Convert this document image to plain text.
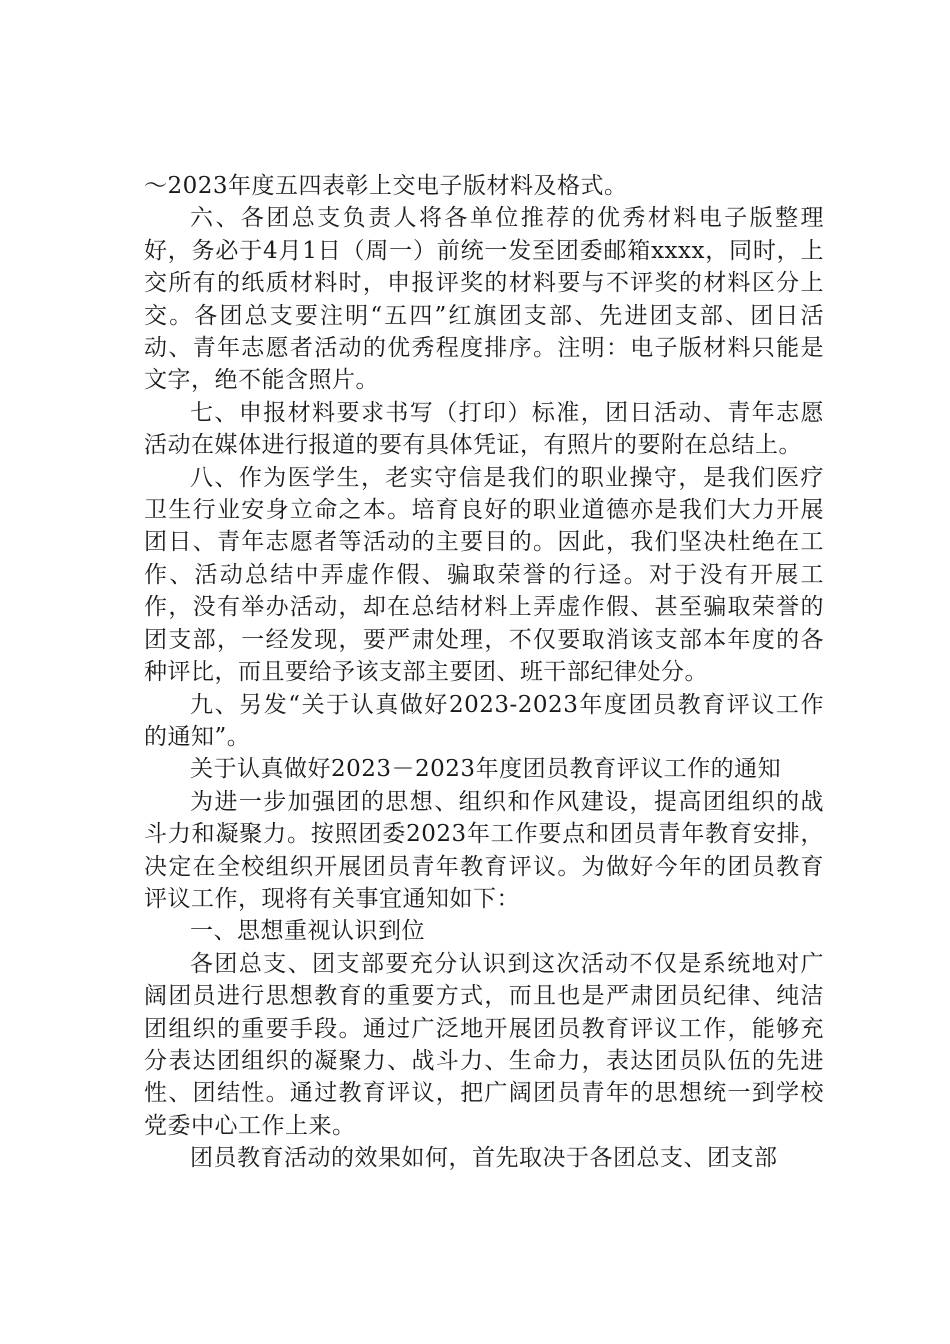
～2023年度五四表彰上交电子版材料及格式。

六、各团总支负责人将各单位推荐的优秀材料电子版整理好，务必于4月1日（周一）前统一发至团委邮箱xxxx，同时，上交所有的纸质材料时，申报评奖的材料要与不评奖的材料区分上交。各团总支要注明“五四”红旗团支部、先进团支部、团日活动、青年志愿者活动的优秀程度排序。注明：电子版材料只能是文字，绝不能含照片。

七、申报材料要求书写（打印）标准，团日活动、青年志愿活动在媒体进行报道的要有具体凭证，有照片的要附在总结上。

八、作为医学生，老实守信是我们的职业操守，是我们医疗卫生行业安身立命之本。培育良好的职业道德亦是我们大力开展团日、青年志愿者等活动的主要目的。因此，我们坚决杜绝在工作、活动总结中弄虚作假、骗取荣誉的行迳。对于没有开展工作，没有举办活动，却在总结材料上弄虚作假、甚至骗取荣誉的团支部，一经发现，要严肃处理，不仅要取消该支部本年度的各种评比，而且要给予该支部主要团、班干部纪律处分。

九、另发“关于认真做好2023-2023年度团员教育评议工作的通知”。

关于认真做好2023－2023年度团员教育评议工作的通知

为进一步加强团的思想、组织和作风建设，提高团组织的战斗力和凝聚力。按照团委2023年工作要点和团员青年教育安排，决定在全校组织开展团员青年教育评议。为做好今年的团员教育评议工作，现将有关事宜通知如下：

一、思想重视认识到位

各团总支、团支部要充分认识到这次活动不仅是系统地对广阔团员进行思想教育的重要方式，而且也是严肃团员纪律、纯洁团组织的重要手段。通过广泛地开展团员教育评议工作，能够充分表达团组织的凝聚力、战斗力、生命力，表达团员队伍的先进性、团结性。通过教育评议，把广阔团员青年的思想统一到学校党委中心工作上来。

团员教育活动的效果如何，首先取决于各团总支、团支部
